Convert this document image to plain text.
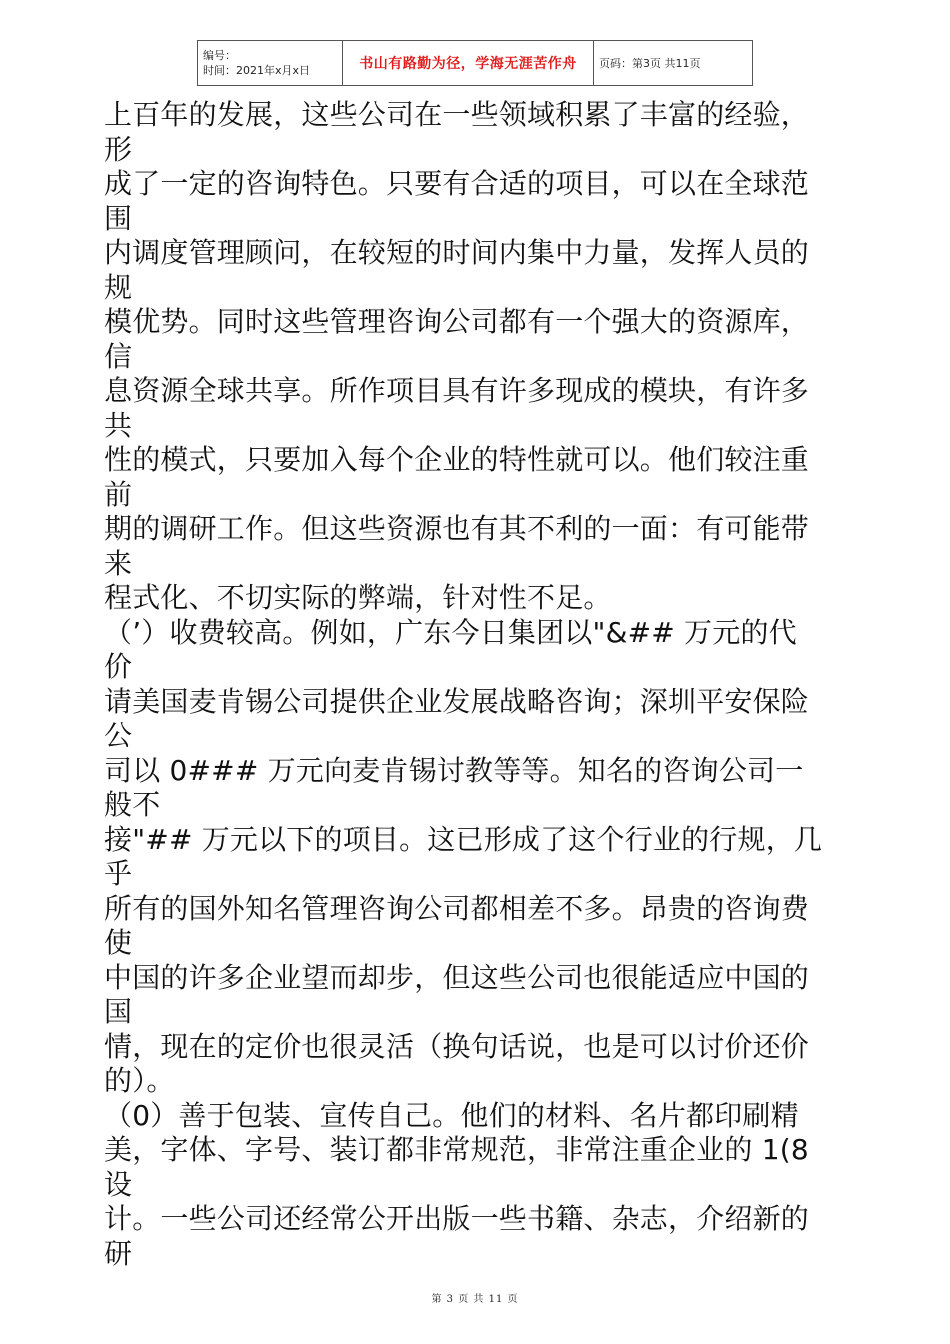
编号：
时间：2021年x月x日	书山有路勤为径，学海无涯苦作舟	页码：第3页 共11页
上百年的发展，这些公司在一些领域积累了丰富的经验，
形
成了一定的咨询特色。只要有合适的项目，可以在全球范
围
内调度管理顾问，在较短的时间内集中力量，发挥人员的
规
模优势。同时这些管理咨询公司都有一个强大的资源库，
信
息资源全球共享。所作项目具有许多现成的模块，有许多
共
性的模式，只要加入每个企业的特性就可以。他们较注重
前
期的调研工作。但这些资源也有其不利的一面：有可能带
来
程式化、不切实际的弊端，针对性不足。
（’）收费较高。例如，广东今日集团以"&## 万元的代
价
请美国麦肯锡公司提供企业发展战略咨询；深圳平安保险
公
司以 0### 万元向麦肯锡讨教等等。知名的咨询公司一
般不
接"## 万元以下的项目。这已形成了这个行业的行规，几
乎
所有的国外知名管理咨询公司都相差不多。昂贵的咨询费
使
中国的许多企业望而却步，但这些公司也很能适应中国的
国
情，现在的定价也很灵活（换句话说，也是可以讨价还价
的）。
（0）善于包装、宣传自己。他们的材料、名片都印刷精
美，字体、字号、装订都非常规范，非常注重企业的 1(8
设
计。一些公司还经常公开出版一些书籍、杂志，介绍新的
研
第 3 页 共 11 页
